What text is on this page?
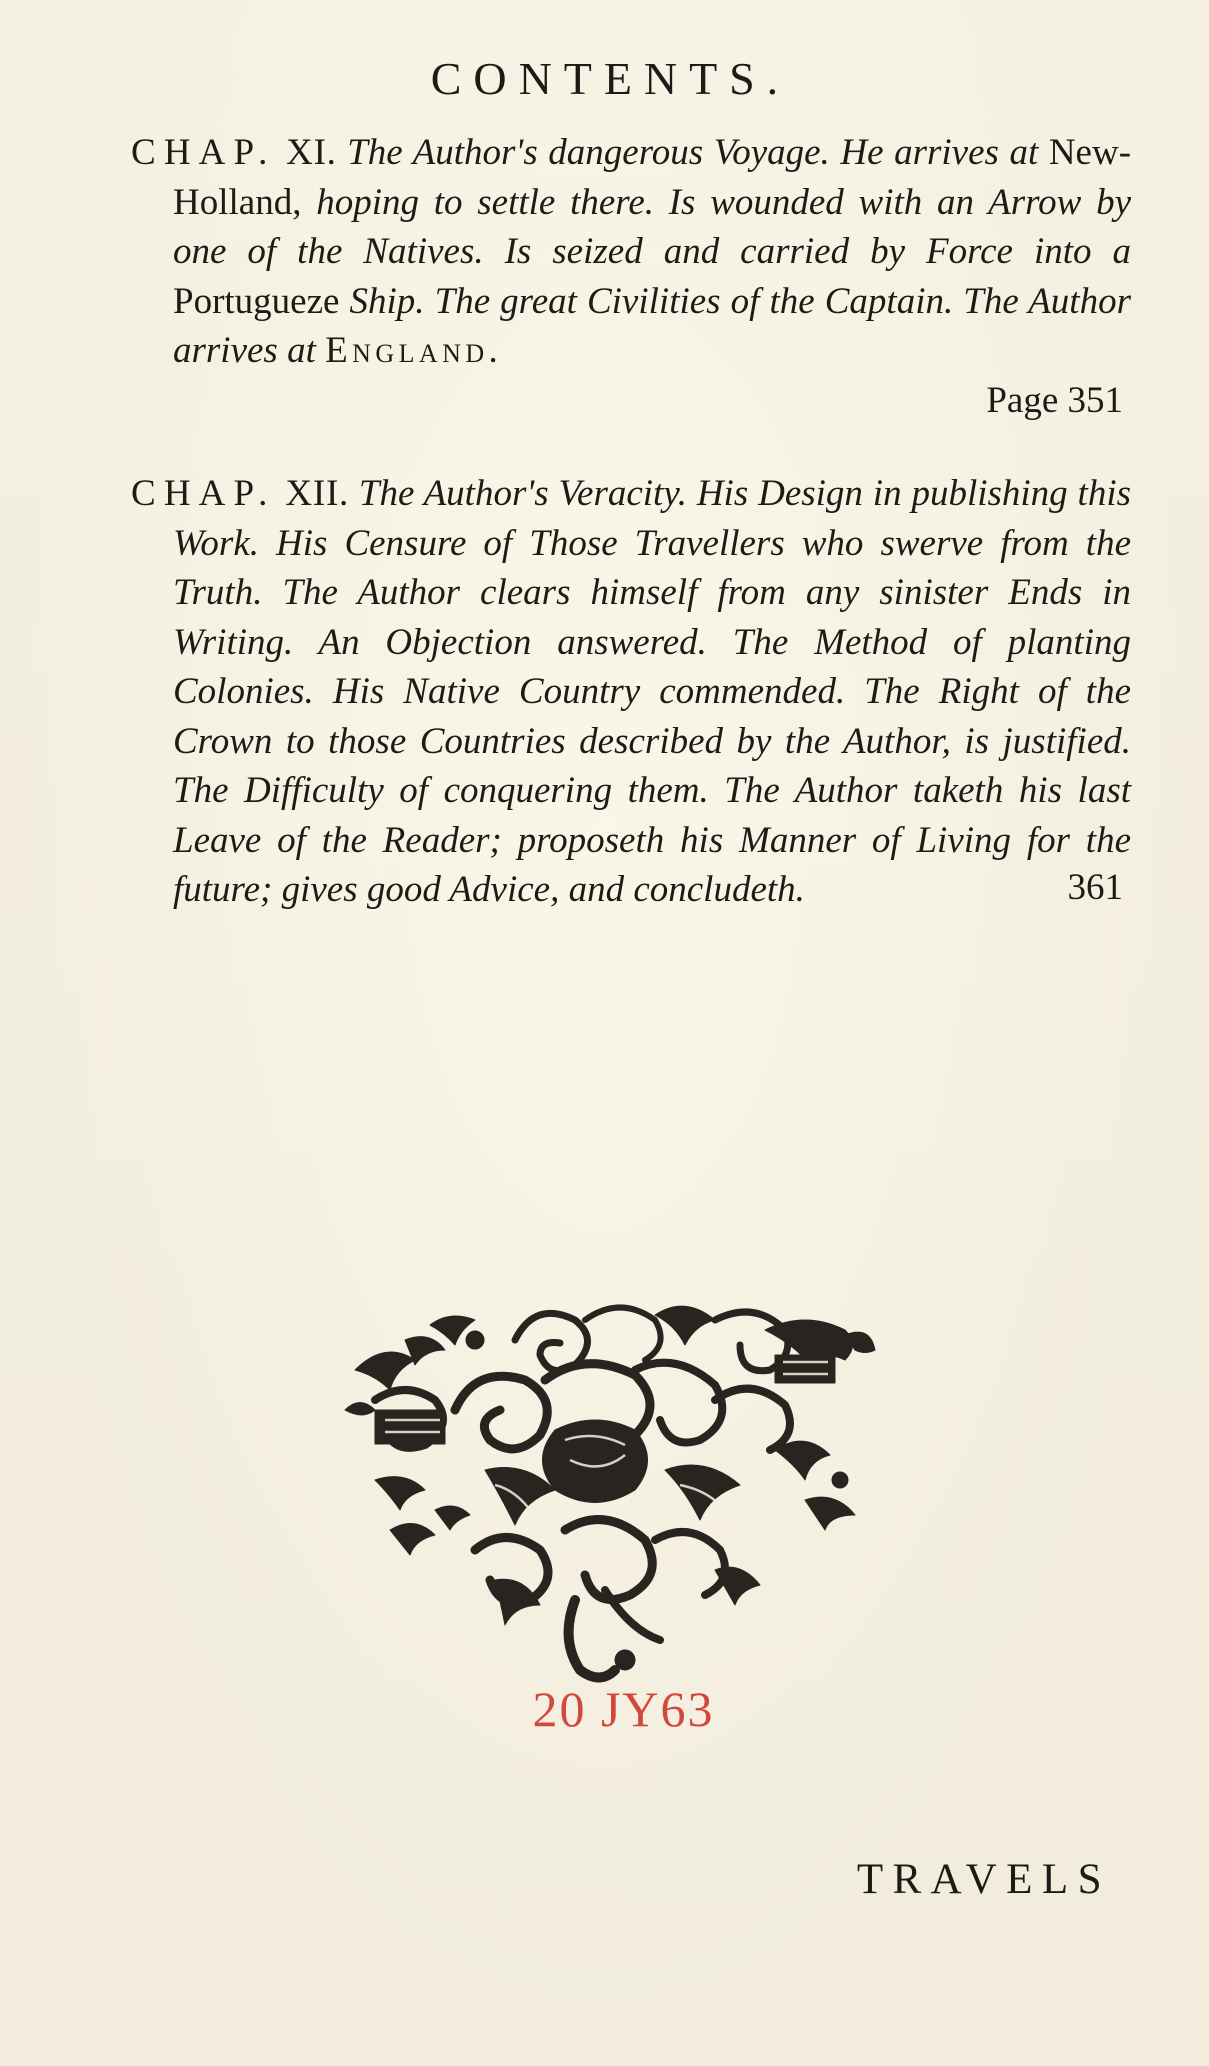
CONTENTS.

CHAP. XI. The Author's dangerous Voyage. He arrives at New-Holland, hoping to settle there. Is wounded with an Arrow by one of the Natives. Is seized and carried by Force into a Portugueze Ship. The great Civilities of the Captain. The Author arrives at England.
Page 351

CHAP. XII. The Author's Veracity. His Design in publishing this Work. His Censure of Those Travellers who swerve from the Truth. The Author clears himself from any sinister Ends in Writing. An Objection answered. The Method of planting Colonies. His Native Country commended. The Right of the Crown to those Countries described by the Author, is justified. The Difficulty of conquering them. The Author taketh his last Leave of the Reader; proposeth his Manner of Living for the future; gives good Advice, and concludeth.	361
20 JY63
TRAVELS
